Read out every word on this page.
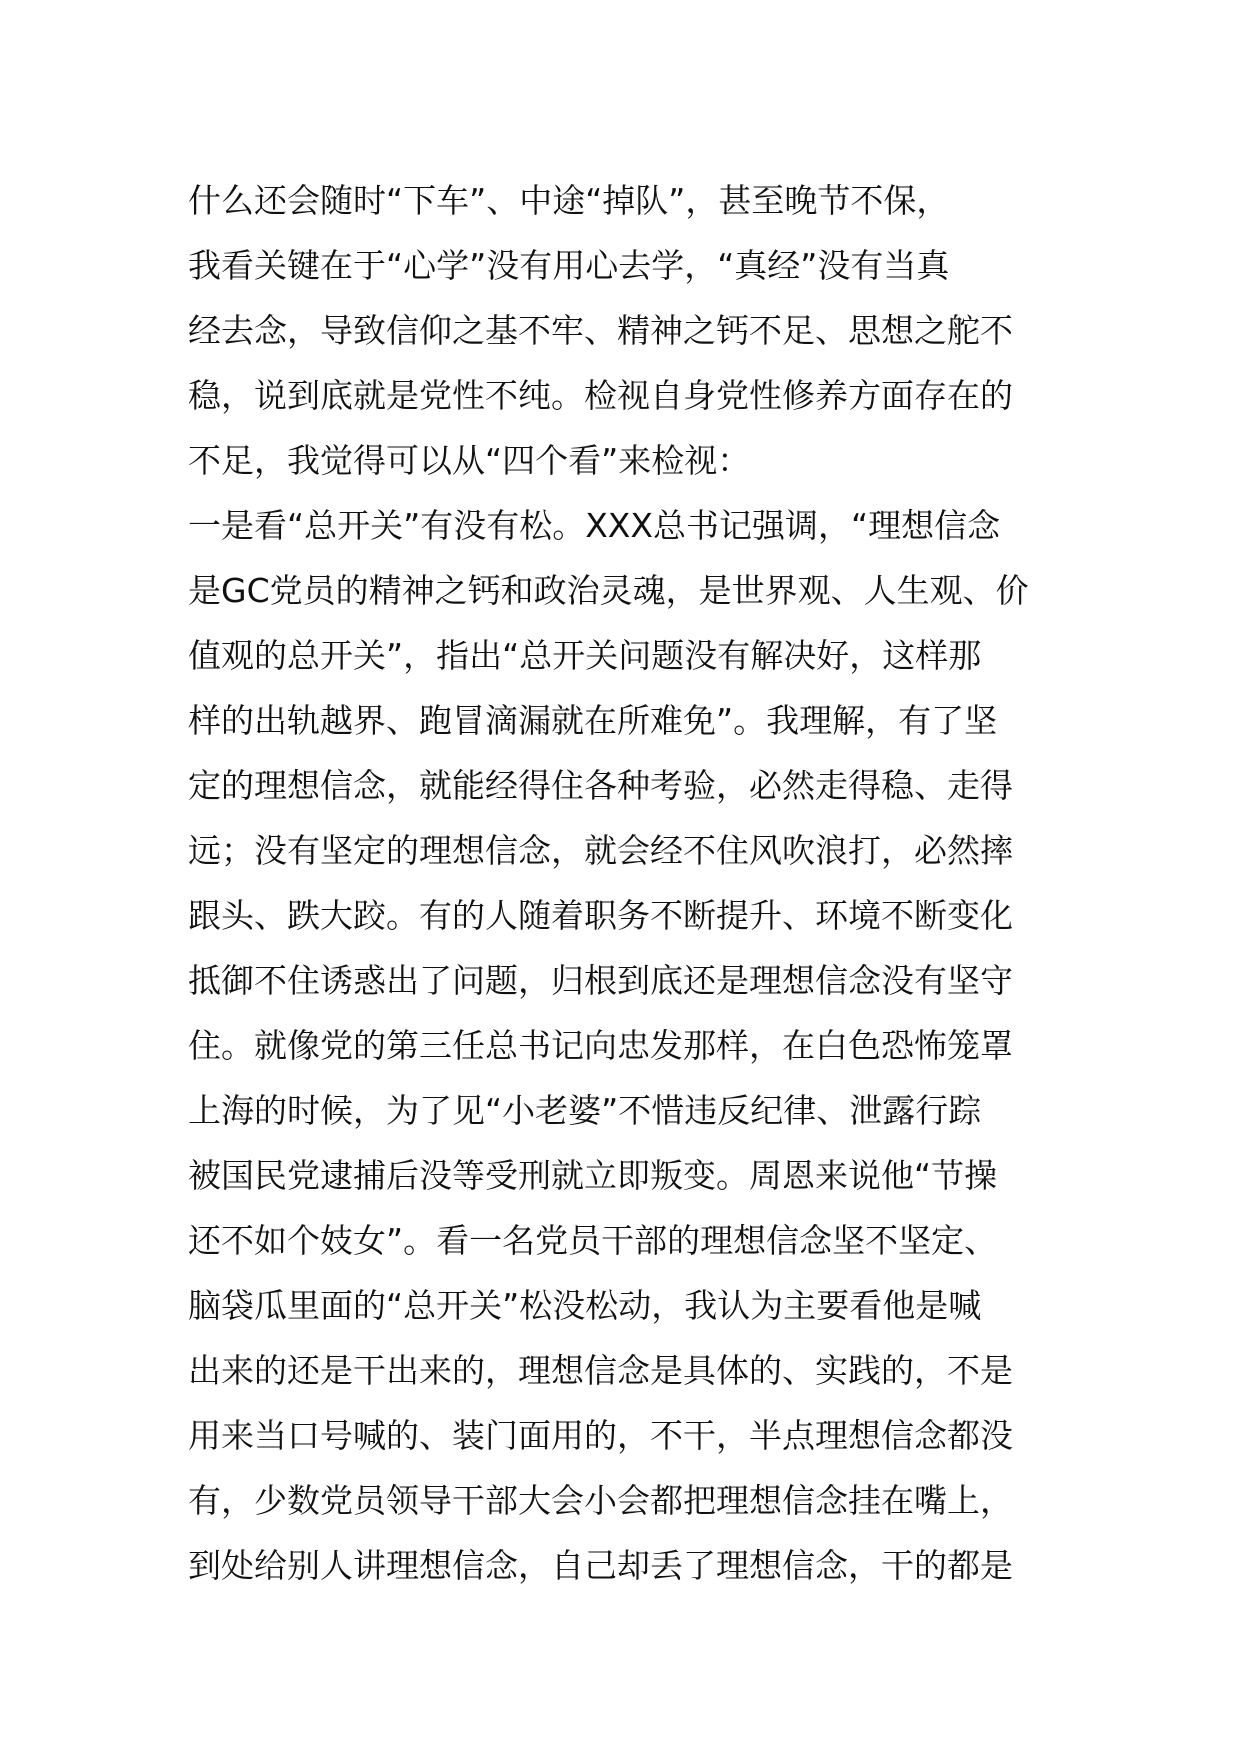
什么还会随时“下车”、中途“掉队”，甚至晚节不保，
我看关键在于“心学”没有用心去学，“真经”没有当真
经去念，导致信仰之基不牢、精神之钙不足、思想之舵不
稳，说到底就是党性不纯。检视自身党性修养方面存在的
不足，我觉得可以从“四个看”来检视：
一是看“总开关”有没有松。XXX总书记强调，“理想信念
是GC党员的精神之钙和政治灵魂，是世界观、人生观、价
值观的总开关”，指出“总开关问题没有解决好，这样那
样的出轨越界、跑冒滴漏就在所难免”。我理解，有了坚
定的理想信念，就能经得住各种考验，必然走得稳、走得
远；没有坚定的理想信念，就会经不住风吹浪打，必然摔
跟头、跌大跤。有的人随着职务不断提升、环境不断变化
抵御不住诱惑出了问题，归根到底还是理想信念没有坚守
住。就像党的第三任总书记向忠发那样，在白色恐怖笼罩
上海的时候，为了见“小老婆”不惜违反纪律、泄露行踪
被国民党逮捕后没等受刑就立即叛变。周恩来说他“节操
还不如个妓女”。看一名党员干部的理想信念坚不坚定、
脑袋瓜里面的“总开关”松没松动，我认为主要看他是喊
出来的还是干出来的，理想信念是具体的、实践的，不是
用来当口号喊的、装门面用的，不干，半点理想信念都没
有，少数党员领导干部大会小会都把理想信念挂在嘴上，
到处给别人讲理想信念，自己却丢了理想信念，干的都是
